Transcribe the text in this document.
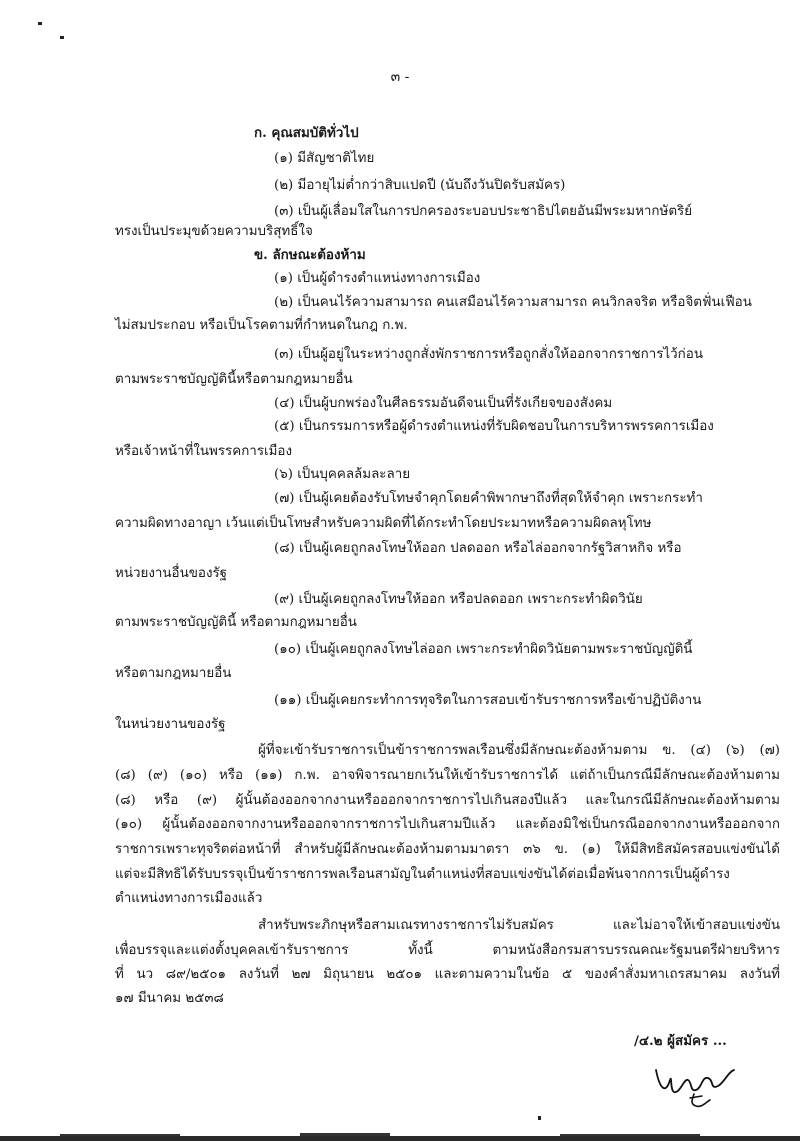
๓ -
ก. คุณสมบัติทั่วไป
(๑) มีสัญชาติไทย
(๒) มีอายุไม่ต่ำกว่าสิบแปดปี (นับถึงวันปิดรับสมัคร)
(๓) เป็นผู้เลื่อมใสในการปกครองระบอบประชาธิปไตยอันมีพระมหากษัตริย์
ทรงเป็นประมุขด้วยความบริสุทธิ์ใจ
ข. ลักษณะต้องห้าม
(๑) เป็นผู้ดำรงตำแหน่งทางการเมือง
(๒) เป็นคนไร้ความสามารถ คนเสมือนไร้ความสามารถ คนวิกลจริต หรือจิตฟั่นเฟือน
ไม่สมประกอบ หรือเป็นโรคตามที่กำหนดในกฎ ก.พ.
(๓) เป็นผู้อยู่ในระหว่างถูกสั่งพักราชการหรือถูกสั่งให้ออกจากราชการไว้ก่อน
ตามพระราชบัญญัตินี้หรือตามกฎหมายอื่น
(๔) เป็นผู้บกพร่องในศีลธรรมอันดีจนเป็นที่รังเกียจของสังคม
(๕) เป็นกรรมการหรือผู้ดำรงตำแหน่งที่รับผิดชอบในการบริหารพรรคการเมือง
หรือเจ้าหน้าที่ในพรรคการเมือง
(๖) เป็นบุคคลล้มละลาย
(๗) เป็นผู้เคยต้องรับโทษจำคุกโดยคำพิพากษาถึงที่สุดให้จำคุก เพราะกระทำ
ความผิดทางอาญา เว้นแต่เป็นโทษสำหรับความผิดที่ได้กระทำโดยประมาทหรือความผิดลหุโทษ
(๘) เป็นผู้เคยถูกลงโทษให้ออก ปลดออก หรือไล่ออกจากรัฐวิสาหกิจ หรือ
หน่วยงานอื่นของรัฐ
(๙) เป็นผู้เคยถูกลงโทษให้ออก หรือปลดออก เพราะกระทำผิดวินัย
ตามพระราชบัญญัตินี้ หรือตามกฎหมายอื่น
(๑๐) เป็นผู้เคยถูกลงโทษไล่ออก เพราะกระทำผิดวินัยตามพระราชบัญญัตินี้
หรือตามกฎหมายอื่น
(๑๑) เป็นผู้เคยกระทำการทุจริตในการสอบเข้ารับราชการหรือเข้าปฏิบัติงาน
ในหน่วยงานของรัฐ
ผู้ที่จะเข้ารับราชการเป็นข้าราชการพลเรือนซึ่งมีลักษณะต้องห้ามตาม ข. (๔) (๖) (๗)
(๘) (๙) (๑๐) หรือ (๑๑) ก.พ. อาจพิจารณายกเว้นให้เข้ารับราชการได้ แต่ถ้าเป็นกรณีมีลักษณะต้องห้ามตาม
(๘) หรือ (๙) ผู้นั้นต้องออกจากงานหรือออกจากราชการไปเกินสองปีแล้ว และในกรณีมีลักษณะต้องห้ามตาม
(๑๐) ผู้นั้นต้องออกจากงานหรือออกจากราชการไปเกินสามปีแล้ว และต้องมิใช่เป็นกรณีออกจากงานหรือออกจาก
ราชการเพราะทุจริตต่อหน้าที่ สำหรับผู้มีลักษณะต้องห้ามตามมาตรา ๓๖ ข. (๑) ให้มีสิทธิสมัครสอบแข่งขันได้
แต่จะมีสิทธิได้รับบรรจุเป็นข้าราชการพลเรือนสามัญในตำแหน่งที่สอบแข่งขันได้ต่อเมื่อพ้นจากการเป็นผู้ดำรง
ตำแหน่งทางการเมืองแล้ว
สำหรับพระภิกษุหรือสามเณรทางราชการไม่รับสมัคร และไม่อาจให้เข้าสอบแข่งขัน
เพื่อบรรจุและแต่งตั้งบุคคลเข้ารับราชการ ทั้งนี้ ตามหนังสือกรมสารบรรณคณะรัฐมนตรีฝ่ายบริหาร
ที่ นว ๘๙/๒๕๐๑ ลงวันที่ ๒๗ มิถุนายน ๒๕๐๑ และตามความในข้อ ๕ ของคำสั่งมหาเถรสมาคม ลงวันที่
๑๗ มีนาคม ๒๕๓๘
/๔.๒ ผู้สมัคร ...
